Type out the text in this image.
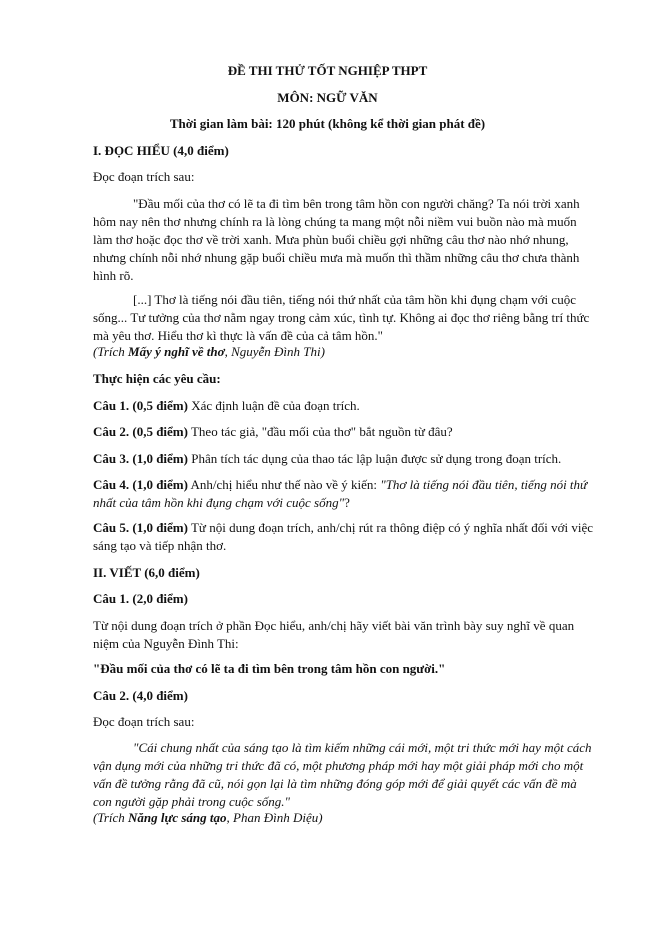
ĐỀ THI THỬ TỐT NGHIỆP THPT
MÔN: NGỮ VĂN
Thời gian làm bài: 120 phút (không kể thời gian phát đề)
I. ĐỌC HIỂU (4,0 điểm)
Đọc đoạn trích sau:

"Đầu mối của thơ có lẽ ta đi tìm bên trong tâm hồn con người chăng? Ta nói trời xanh hôm nay nên thơ nhưng chính ra là lòng chúng ta mang một nỗi niềm vui buồn nào mà muốn làm thơ hoặc đọc thơ về trời xanh. Mưa phùn buổi chiều gợi những câu thơ nào nhớ nhung, nhưng chính nỗi nhớ nhung gặp buổi chiều mưa mà muốn thì thầm những câu thơ chưa thành hình rõ.

[...] Thơ là tiếng nói đầu tiên, tiếng nói thứ nhất của tâm hồn khi đụng chạm với cuộc sống... Tư tưởng của thơ nằm ngay trong cảm xúc, tình tự. Không ai đọc thơ riêng bằng trí thức mà yêu thơ. Hiểu thơ kì thực là vấn đề của cả tâm hồn."

(Trích Mấy ý nghĩ về thơ, Nguyễn Đình Thi)
Thực hiện các yêu cầu:

Câu 1. (0,5 điểm) Xác định luận đề của đoạn trích.

Câu 2. (0,5 điểm) Theo tác giả, "đầu mối của thơ" bắt nguồn từ đâu?

Câu 3. (1,0 điểm) Phân tích tác dụng của thao tác lập luận được sử dụng trong đoạn trích.

Câu 4. (1,0 điểm) Anh/chị hiểu như thế nào về ý kiến: "Thơ là tiếng nói đầu tiên, tiếng nói thứ nhất của tâm hồn khi đụng chạm với cuộc sống"?

Câu 5. (1,0 điểm) Từ nội dung đoạn trích, anh/chị rút ra thông điệp có ý nghĩa nhất đối với việc sáng tạo và tiếp nhận thơ.

II. VIẾT (6,0 điểm)
Câu 1. (2,0 điểm)

Từ nội dung đoạn trích ở phần Đọc hiểu, anh/chị hãy viết bài văn trình bày suy nghĩ về quan niệm của Nguyễn Đình Thi:

"Đầu mối của thơ có lẽ ta đi tìm bên trong tâm hồn con người."
Câu 2. (4,0 điểm)
Đọc đoạn trích sau:

"Cái chung nhất của sáng tạo là tìm kiếm những cái mới, một tri thức mới hay một cách vận dụng mới của những tri thức đã có, một phương pháp mới hay một giải pháp mới cho một vấn đề tưởng rằng đã cũ, nói gọn lại là tìm những đóng góp mới để giải quyết các vấn đề mà con người gặp phải trong cuộc sống."

(Trích Năng lực sáng tạo, Phan Đình Diệu)
